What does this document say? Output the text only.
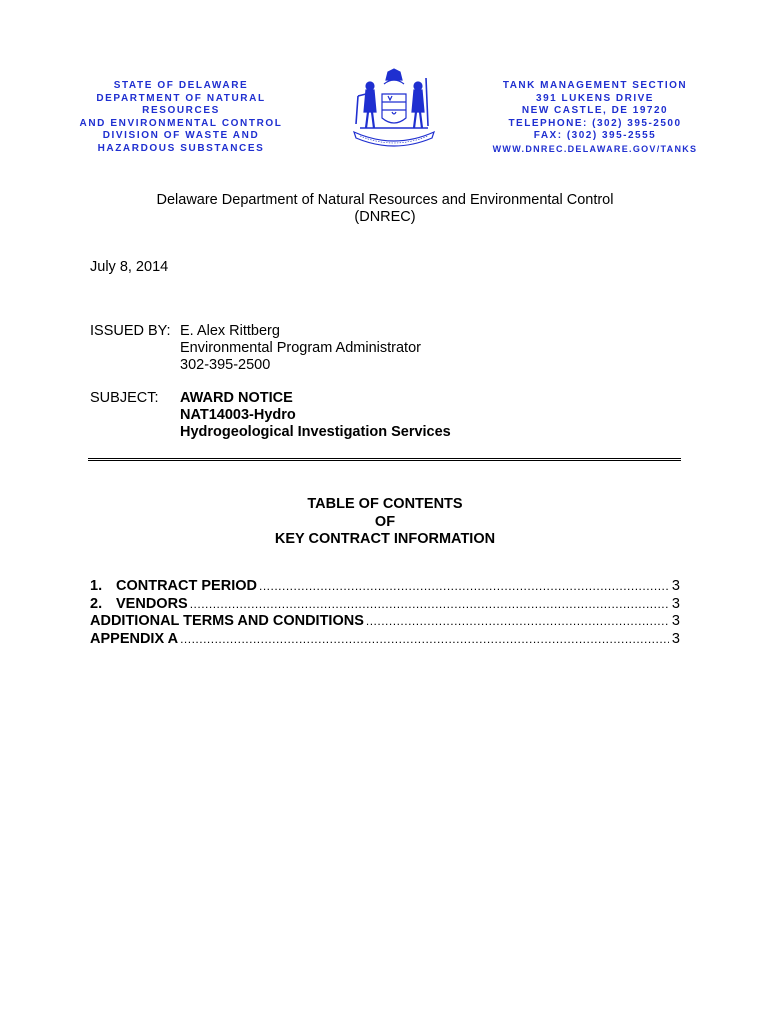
STATE OF DELAWARE
DEPARTMENT OF NATURAL RESOURCES
AND ENVIRONMENTAL CONTROL
DIVISION OF WASTE AND
HAZARDOUS SUBSTANCES
TANK MANAGEMENT SECTION
391 LUKENS DRIVE
NEW CASTLE, DE 19720
TELEPHONE: (302) 395-2500
FAX: (302) 395-2555
WWW.DNREC.DELAWARE.GOV/TANKS
Delaware Department of Natural Resources and Environmental Control
(DNREC)
July 8, 2014
ISSUED BY: E. Alex Rittberg
Environmental Program Administrator
302-395-2500
SUBJECT: AWARD NOTICE
NAT14003-Hydro
Hydrogeological Investigation Services
TABLE OF CONTENTS
OF
KEY CONTRACT INFORMATION
1. CONTRACT PERIOD .....	3
2. VENDORS .....	3
ADDITIONAL TERMS AND CONDITIONS .....	3
APPENDIX A .....	3
